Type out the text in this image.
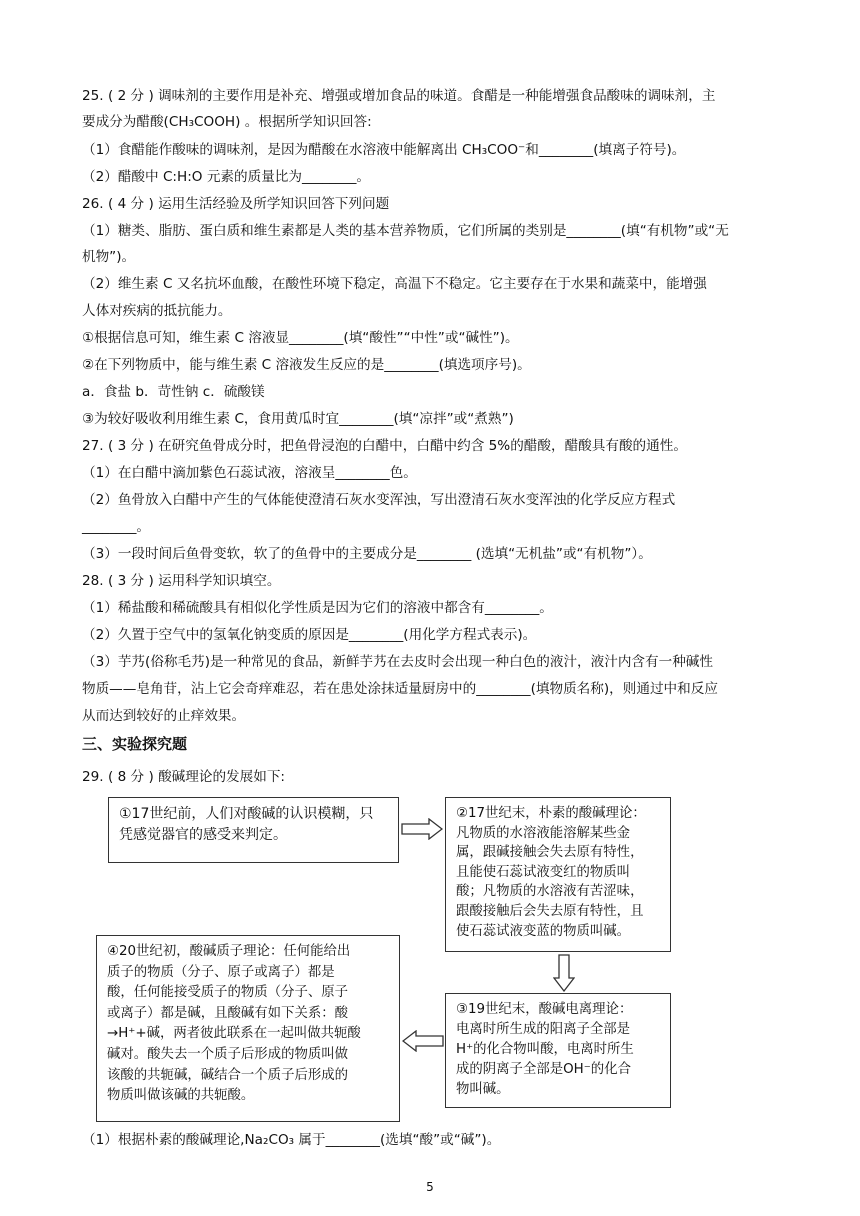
25. ( 2 分 ) 调味剂的主要作用是补充、增强或增加食品的味道。食醋是一种能增强食品酸味的调味剂，主
要成分为醋酸(CH₃COOH) 。根据所学知识回答:
（1）食醋能作酸味的调味剂，是因为醋酸在水溶液中能解离出 CH₃COO⁻和________(填离子符号)。
（2）醋酸中 C:H:O 元素的质量比为________。
26. ( 4 分 ) 运用生活经验及所学知识回答下列问题
（1）糖类、脂肪、蛋白质和维生素都是人类的基本营养物质，它们所属的类别是________(填“有机物”或“无
机物”)。
（2）维生素 C 又名抗坏血酸，在酸性环境下稳定，高温下不稳定。它主要存在于水果和蔬菜中，能增强
人体对疾病的抵抗能力。
①根据信息可知，维生素 C 溶液显________(填“酸性”“中性”或“碱性”)。
②在下列物质中，能与维生素 C 溶液发生反应的是________(填选项序号)。
a．食盐 b．苛性钠 c．硫酸镁
③为较好吸收利用维生素 C，食用黄瓜时宜________(填“凉拌”或“煮熟”)
27. ( 3 分 ) 在研究鱼骨成分时，把鱼骨浸泡的白醋中，白醋中约含 5%的醋酸，醋酸具有酸的通性。
（1）在白醋中滴加紫色石蕊试液，溶液呈________色。
（2）鱼骨放入白醋中产生的气体能使澄清石灰水变浑浊，写出澄清石灰水变浑浊的化学反应方程式
________。
（3）一段时间后鱼骨变软，软了的鱼骨中的主要成分是________ (选填“无机盐”或“有机物”）。
28. ( 3 分 ) 运用科学知识填空。
（1）稀盐酸和稀硫酸具有相似化学性质是因为它们的溶液中都含有________。
（2）久置于空气中的氢氧化钠变质的原因是________(用化学方程式表示)。
（3）芋艿(俗称毛艿)是一种常见的食品，新鲜芋艿在去皮时会出现一种白色的液汁，液汁内含有一种碱性
物质——皂角苷，沾上它会奇痒难忍，若在患处涂抹适量厨房中的________(填物质名称)，则通过中和反应
从而达到较好的止痒效果。
三、实验探究题
29. ( 8 分 ) 酸碱理论的发展如下:
①17世纪前，人们对酸碱的认识模糊，只
凭感觉器官的感受来判定。
②17世纪末，朴素的酸碱理论：
凡物质的水溶液能溶解某些金
属，跟碱接触会失去原有特性，
且能使石蕊试液变红的物质叫
酸；凡物质的水溶液有苦涩味，
跟酸接触后会失去原有特性，且
使石蕊试液变蓝的物质叫碱。
④20世纪初，酸碱质子理论：任何能给出
质子的物质（分子、原子或离子）都是
酸，任何能接受质子的物质（分子、原子
或离子）都是碱，且酸碱有如下关系：酸
→H⁺+碱，两者彼此联系在一起叫做共轭酸
碱对。酸失去一个质子后形成的物质叫做
该酸的共轭碱，碱结合一个质子后形成的
物质叫做该碱的共轭酸。
③19世纪末，酸碱电离理论：
电离时所生成的阳离子全部是
H⁺的化合物叫酸，电离时所生
成的阴离子全部是OH⁻的化合
物叫碱。
（1）根据朴素的酸碱理论,Na₂CO₃ 属于________(选填“酸”或“碱”)。
5
